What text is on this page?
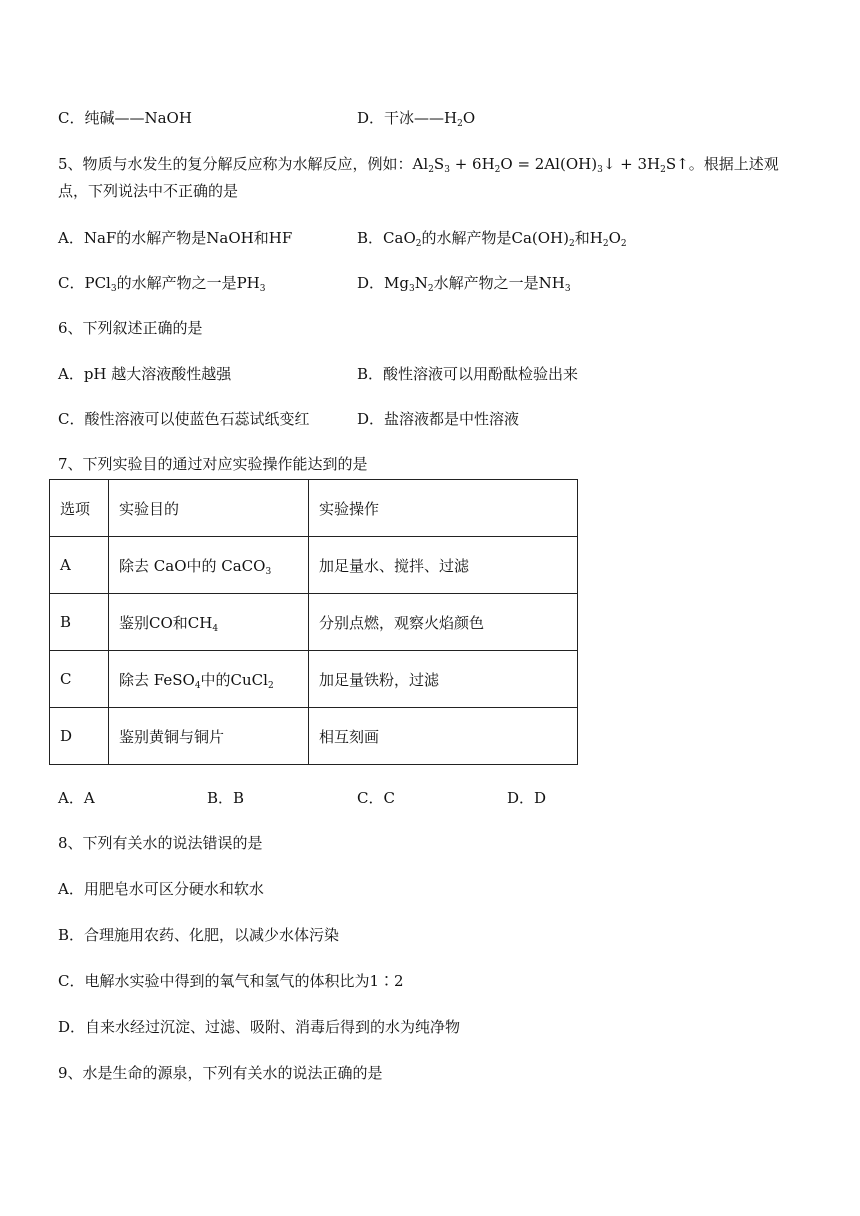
C．纯碱——NaOH	D．干冰$——H_2O$
5、物质与水发生的复分解反应称为水解反应，例如：$Al_2S_3 + 6H_2O$ = $2Al(OH)_3↓$ + $3H_2S↑$。根据上述观
点，下列说法中不正确的是
A．NaF的水解产物是NaOH和HF	B．CaO$_2$的水解产物是$Ca(OH)_2$和$H_2O_2$
C．PCl$_3$的水解产物之一是$PH_3$	D．$Mg_3N_2$水解产物之一是$NH_3$
6、下列叙述正确的是
A．pH 越大溶液酸性越强	B．酸性溶液可以用酚酞检验出来
C．酸性溶液可以使蓝色石蕊试纸变红	D．盐溶液都是中性溶液
7、下列实验目的通过对应实验操作能达到的是
选项	实验目的	实验操作
A	除去 CaO中的 CaCO$_3$	加足量水、搅拌、过滤
B	鉴别CO和$CH_4$	分别点燃，观察火焰颜色
C	除去 FeSO$_4$中的CuCl$_2$	加足量铁粉，过滤
D	鉴别黄铜与铜片	相互刻画
A．A	B．B	C．C	D．D
8、下列有关水的说法错误的是
A．用肥皂水可区分硬水和软水
B．合理施用农药、化肥，以减少水体污染
C．电解水实验中得到的氧气和氢气的体积比为1∶2
D．自来水经过沉淀、过滤、吸附、消毒后得到的水为纯净物
9、水是生命的源泉，下列有关水的说法正确的是
